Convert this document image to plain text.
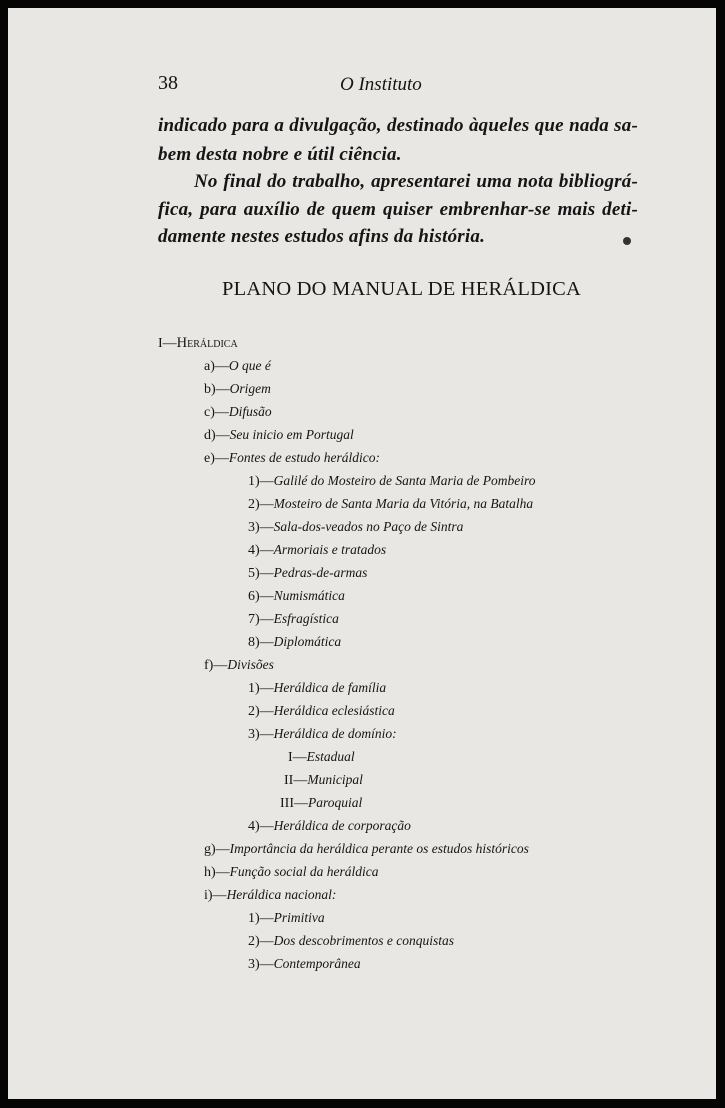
38	O Instituto

indicado para a divulgação, destinado àqueles que nada sa-

bem desta nobre e útil ciência.

No final do trabalho, apresentarei uma nota bibliográ-

fica, para auxílio de quem quiser embrenhar-se mais deti-

damente nestes estudos afins da história.

PLANO DO MANUAL DE HERÁLDICA
I—Heráldica
a)—O que é
b)—Origem
c)—Difusão
d)—Seu inicio em Portugal
e)—Fontes de estudo heráldico:
1)—Galilé do Mosteiro de Santa Maria de Pombeiro
2)—Mosteiro de Santa Maria da Vitória, na Batalha
3)—Sala-dos-veados no Paço de Sintra
4)—Armoriais e tratados
5)—Pedras-de-armas
6)—Numismática
7)—Esfragística
8)—Diplomática
f)—Divisões
1)—Heráldica de família
2)—Heráldica eclesiástica
3)—Heráldica de domínio:
I—Estadual
II—Municipal
III—Paroquial
4)—Heráldica de corporação
g)—Importância da heráldica perante os estudos históricos
h)—Função social da heráldica
i)—Heráldica nacional:
1)—Primitiva
2)—Dos descobrimentos e conquistas
3)—Contemporânea
